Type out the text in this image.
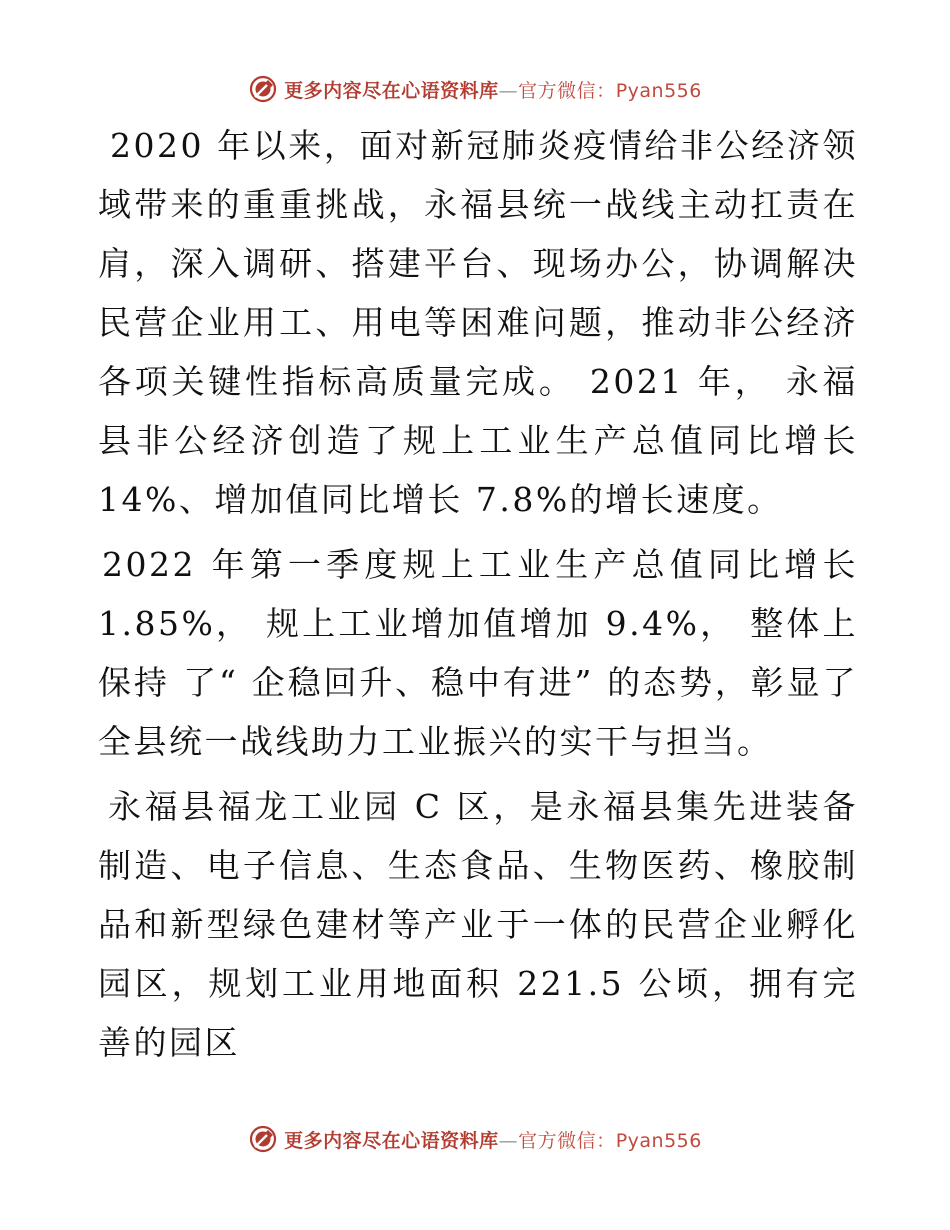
更多内容尽在心语资料库—官方微信：Pyan556

2020 年以来，面对新冠肺炎疫情给非公经济领域带来的重重挑战，永福县统一战线主动扛责在肩，深入调研、搭建平台、现场办公，协调解决民营企业用工、用电等困难问题，推动非公经济各项关键性指标高质量完成。 2021 年， 永福县非公经济创造了规上工业生产总值同比增长 14%、增加值同比增长 7.8%的增长速度。

2022 年第一季度规上工业生产总值同比增长 1.85%， 规上工业增加值增加 9.4%， 整体上保持 了“ 企稳回升、稳中有进” 的态势，彰显了全县统一战线助力工业振兴的实干与担当。

永福县福龙工业园 C 区，是永福县集先进装备制造、电子信息、生态食品、生物医药、橡胶制品和新型绿色建材等产业于一体的民营企业孵化园区，规划工业用地面积 221.5 公顷，拥有完善的园区

更多内容尽在心语资料库—官方微信：Pyan556
